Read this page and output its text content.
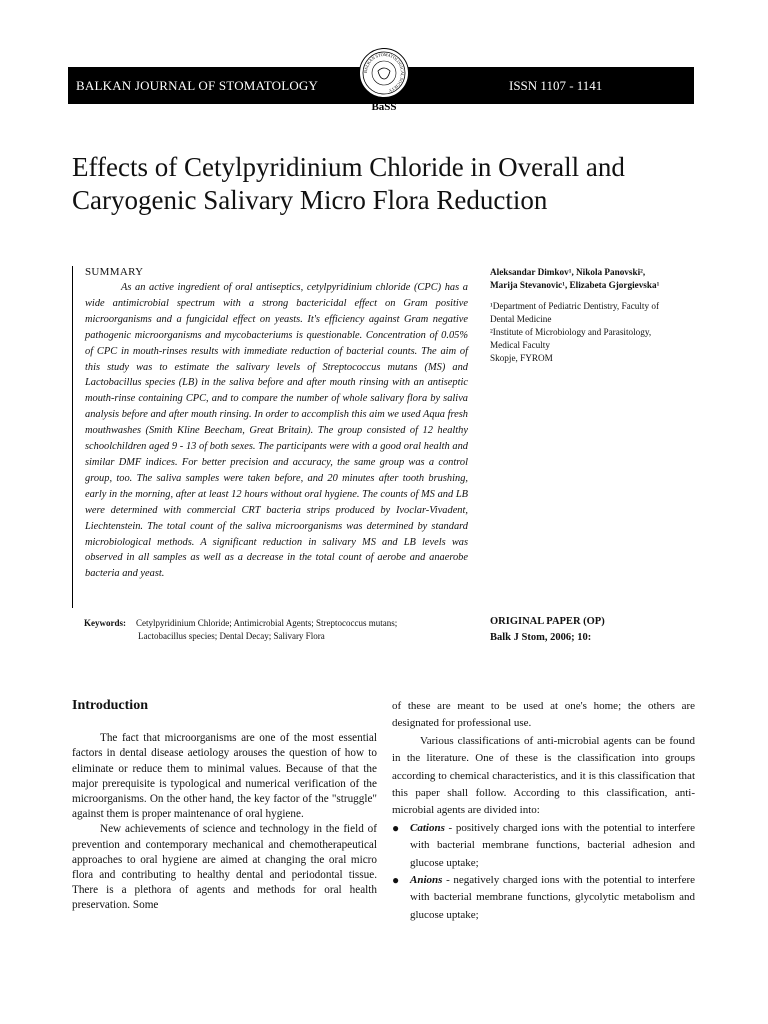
BALKAN JOURNAL OF STOMATOLOGY	ISSN 1107 - 1141
BALKAN STOMATOLOGICAL SOCIETY
BaSS
Effects of Cetylpyridinium Chloride in Overall and
Caryogenic Salivary Micro Flora Reduction
SUMMARY

As an active ingredient of oral antiseptics, cetylpyridinium chloride (CPC) has a wide antimicrobial spectrum with a strong bactericidal effect on Gram positive microorganisms and a fungicidal effect on yeasts. It's efficiency against Gram negative pathogenic microorganisms and mycobacteriums is questionable. Concentration of 0.05% of CPC in mouth-rinses results with immediate reduction of bacterial counts. The aim of this study was to estimate the salivary levels of Streptococcus mutans (MS) and Lactobacillus species (LB) in the saliva before and after mouth rinsing with an antiseptic mouth-rinse containing CPC, and to compare the number of whole salivary flora by saliva analysis before and after mouth rinsing. In order to accomplish this aim we used Aqua fresh mouthwashes (Smith Kline Beecham, Great Britain). The group consisted of 12 healthy schoolchildren aged 9 - 13 of both sexes. The participants were with a good oral health and similar DMF indices. For better precision and accuracy, the same group was a control group, too. The saliva samples were taken before, and 20 minutes after tooth brushing, early in the morning, after at least 12 hours without oral hygiene. The counts of MS and LB were determined with commercial CRT bacteria strips produced by Ivoclar-Vivadent, Liechtenstein. The total count of the saliva microorganisms was determined by standard microbiological methods. A significant reduction in salivary MS and LB levels was observed in all samples as well as a decrease in the total count of aerobe and anaerobe bacteria and yeast.

Keywords: Cetylpyridinium Chloride; Antimicrobial Agents; Streptococcus mutans;
Lactobacillus species; Dental Decay; Salivary Flora
Aleksandar Dimkov¹, Nikola Panovski²,
Marija Stevanovic¹, Elizabeta Gjorgievska¹
¹Department of Pediatric Dentistry, Faculty of
Dental Medicine
²Institute of Microbiology and Parasitology,
Medical Faculty
Skopje, FYROM
ORIGINAL PAPER (OP)
Balk J Stom, 2006; 10:
Introduction

The fact that microorganisms are one of the most essential factors in dental disease aetiology arouses the question of how to eliminate or reduce them to minimal values. Because of that the major prerequisite is typological and numerical verification of the microorganisms. On the other hand, the key factor of the "struggle" against them is proper maintenance of oral hygiene.

New achievements of science and technology in the field of prevention and contemporary mechanical and chemotherapeutical approaches to oral hygiene are aimed at changing the oral micro flora and contributing to healthy dental and periodontal tissue. There is a plethora of agents and methods for oral health preservation. Some

of these are meant to be used at one's home; the others are designated for professional use.

Various classifications of anti-microbial agents can be found in the literature. One of these is the classification into groups according to chemical characteristics, and it is this classification that this paper shall follow. According to this classification, anti-microbial agents are divided into:

● Cations - positively charged ions with the potential to interfere with bacterial membrane functions, bacterial adhesion and glucose uptake;
● Anions - negatively charged ions with the potential to interfere with bacterial membrane functions, glycolytic metabolism and glucose uptake;
